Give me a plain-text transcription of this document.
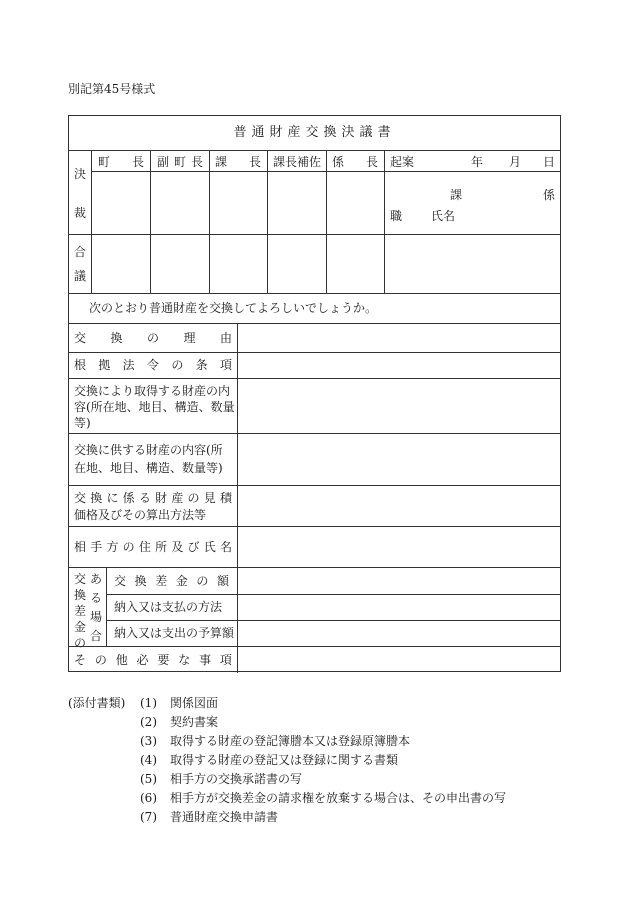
別記第45号様式
普通財産交換決議書
決
裁
町 長 副 町 長 課 長 課長補佐 係 長 起案	年 月 日
課	係
職 氏名
合
議
次のとおり普通財産を交換してよろしいでしょうか。
交 換 の 理 由
根 拠 法 令 の 条 項
交換により取得する財産の内
容(所在地、地目、構造、数量
等)
交換に供する財産の内容(所
在地、地目、構造、数量等)
交 換 に 係 る 財 産 の 見 積
価格及びその算出方法等
相 手 方 の 住 所 及 び 氏 名
交
換
差
金
の
あ
る
場
合
交 換 差 金 の 額
納入又は支払の方法
納入又は支出の予算額
そ の 他 必 要 な 事 項
(添付書類) (1) 関係図面
(2) 契約書案
(3) 取得する財産の登記簿謄本又は登録原簿謄本
(4) 取得する財産の登記又は登録に関する書類
(5) 相手方の交換承諾書の写
(6) 相手方が交換差金の請求権を放棄する場合は、その申出書の写
(7) 普通財産交換申請書
